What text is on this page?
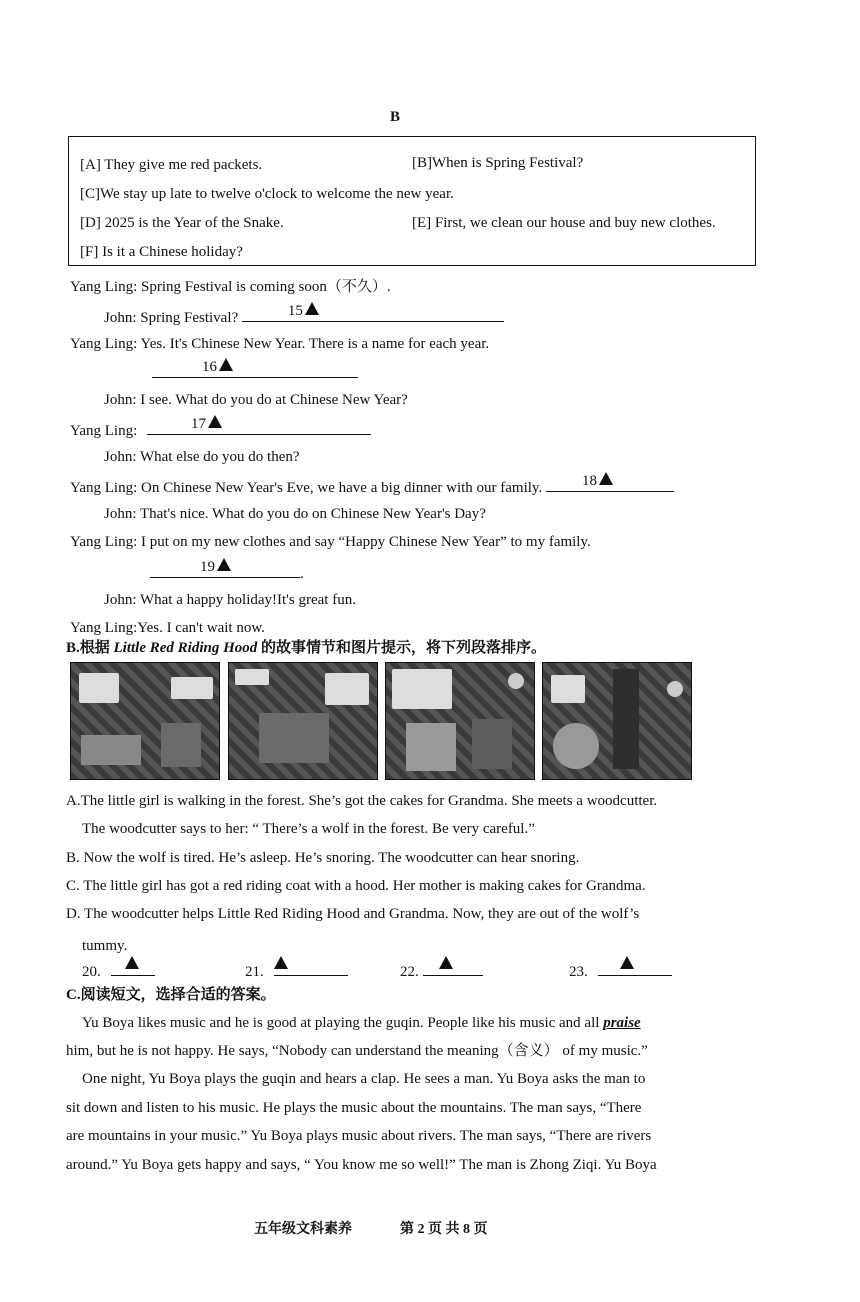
B
[A] They give me red packets.	[B]When is Spring Festival?
[C]We stay up late to twelve o'clock to welcome the new year.
[D] 2025 is the Year of the Snake.	[E] First, we clean our house and buy new clothes.
[F] Is it a Chinese holiday?
Yang Ling: Spring Festival is coming soon（不久）.
John: Spring Festival?	15
Yang Ling: Yes. It's Chinese New Year. There is a name for each year.
16
John: I see. What do you do at Chinese New Year?
Yang Ling:	17
John: What else do you do then?
Yang Ling: On Chinese New Year's Eve, we have a big dinner with our family.	18
John: That's nice. What do you do on Chinese New Year's Day?
Yang Ling: I put on my new clothes and say “Happy Chinese New Year” to my family.
19	.
John: What a happy holiday!It's great fun.
Yang Ling:Yes. I can't wait now.
B.根据 Little Red Riding Hood 的故事情节和图片提示，将下列段落排序。
A.The little girl is walking in the forest. She’s got the cakes for Grandma. She meets a woodcutter.
The woodcutter says to her: “ There’s a wolf in the forest. Be very careful.”
B. Now the wolf is tired. He’s asleep. He’s snoring. The woodcutter can hear snoring.
C. The little girl has got a red riding coat with a hood. Her mother is making cakes for Grandma.
D. The woodcutter helps Little Red Riding Hood and Grandma. Now, they are out of the wolf’s
tummy.
20.	21.	22.	23.
C.阅读短文，选择合适的答案。
Yu Boya likes music and he is good at playing the guqin. People like his music and all praise
him, but he is not happy. He says, “Nobody can understand the meaning（含义） of my music.”
One night, Yu Boya plays the guqin and hears a clap. He sees a man. Yu Boya asks the man to
sit down and listen to his music. He plays the music about the mountains. The man says, “There
are mountains in your music.” Yu Boya plays music about rivers. The man says, “There are rivers
around.” Yu Boya gets happy and says, “ You know me so well!” The man is Zhong Ziqi. Yu Boya
五年级文科素养	第 2 页 共 8 页
